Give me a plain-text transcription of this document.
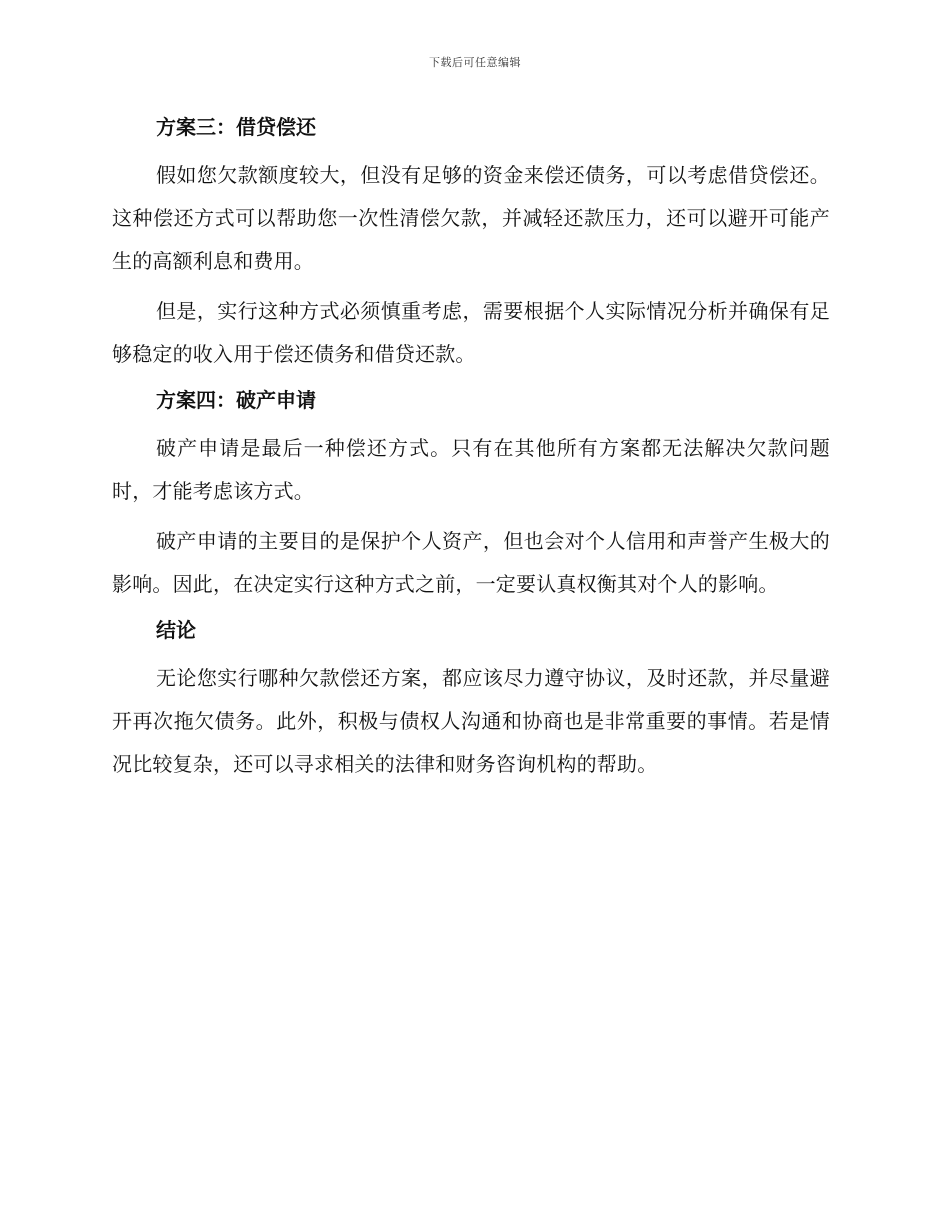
下载后可任意编辑
方案三：借贷偿还

假如您欠款额度较大，但没有足够的资金来偿还债务，可以考虑借贷偿还。这种偿还方式可以帮助您一次性清偿欠款，并减轻还款压力，还可以避开可能产生的高额利息和费用。

但是，实行这种方式必须慎重考虑，需要根据个人实际情况分析并确保有足够稳定的收入用于偿还债务和借贷还款。

方案四：破产申请

破产申请是最后一种偿还方式。只有在其他所有方案都无法解决欠款问题时，才能考虑该方式。

破产申请的主要目的是保护个人资产，但也会对个人信用和声誉产生极大的影响。因此，在决定实行这种方式之前，一定要认真权衡其对个人的影响。

结论

无论您实行哪种欠款偿还方案，都应该尽力遵守协议，及时还款，并尽量避开再次拖欠债务。此外，积极与债权人沟通和协商也是非常重要的事情。若是情况比较复杂，还可以寻求相关的法律和财务咨询机构的帮助。
